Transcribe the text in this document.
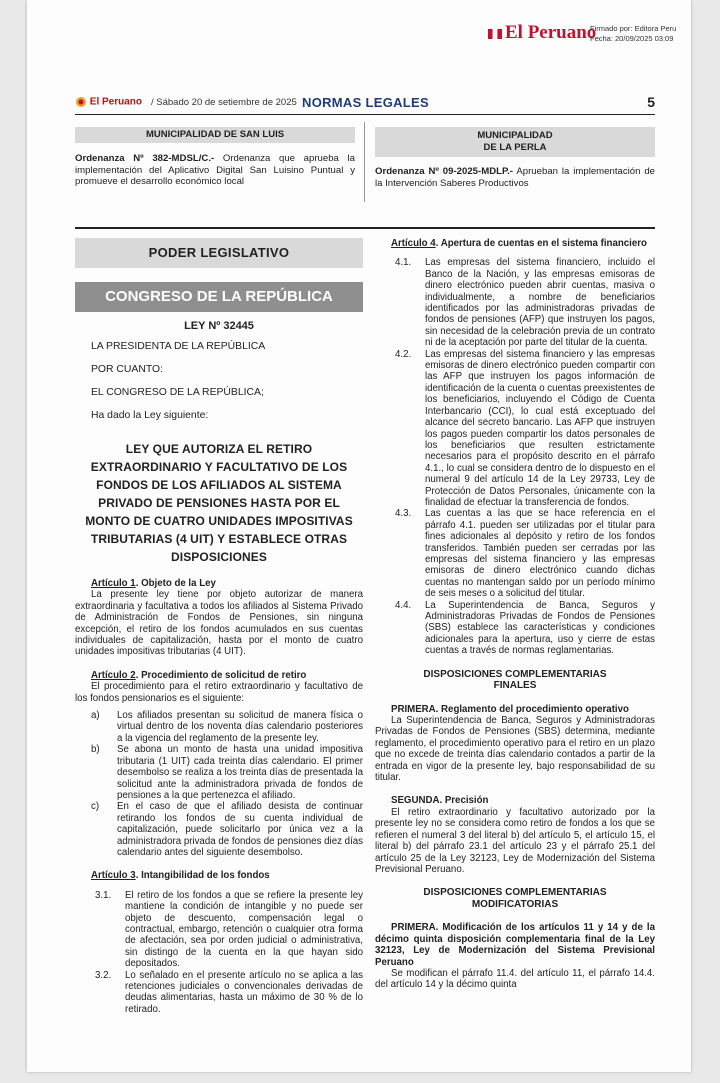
El Peruano
Firmado por: Editora Peru
Fecha: 20/09/2025 03:09
El Peruano / Sábado 20 de setiembre de 2025 NORMAS LEGALES	5
MUNICIPALIDAD DE SAN LUIS
Ordenanza Nº 382-MDSL/C.- Ordenanza que aprueba la implementación del Aplicativo Digital San Luisino Puntual y promueve el desarrollo económico local
MUNICIPALIDAD
DE LA PERLA
Ordenanza Nº 09-2025-MDLP.- Aprueban la implementación de la Intervención Saberes Productivos
PODER LEGISLATIVO
CONGRESO DE LA REPÚBLICA
LEY Nº 32445
LA PRESIDENTA DE LA REPÚBLICA
POR CUANTO:
EL CONGRESO DE LA REPÚBLICA;
Ha dado la Ley siguiente:
LEY QUE AUTORIZA EL RETIRO EXTRAORDINARIO Y FACULTATIVO DE LOS FONDOS DE LOS AFILIADOS AL SISTEMA PRIVADO DE PENSIONES HASTA POR EL MONTO DE CUATRO UNIDADES IMPOSITIVAS TRIBUTARIAS (4 UIT) Y ESTABLECE OTRAS DISPOSICIONES
Artículo 1. Objeto de la Ley

La presente ley tiene por objeto autorizar de manera extraordinaria y facultativa a todos los afiliados al Sistema Privado de Administración de Fondos de Pensiones, sin ninguna excepción, el retiro de los fondos acumulados en sus cuentas individuales de capitalización, hasta por el monto de cuatro unidades impositivas tributarias (4 UIT).

Artículo 2. Procedimiento de solicitud de retiro

El procedimiento para el retiro extraordinario y facultativo de los fondos pensionarios es el siguiente:

a)	Los afiliados presentan su solicitud de manera física o virtual dentro de los noventa días calendario posteriores a la vigencia del reglamento de la presente ley.
b)	Se abona un monto de hasta una unidad impositiva tributaria (1 UIT) cada treinta días calendario. El primer desembolso se realiza a los treinta días de presentada la solicitud ante la administradora privada de fondos de pensiones a la que pertenezca el afiliado.
c)	En el caso de que el afiliado desista de continuar retirando los fondos de su cuenta individual de capitalización, puede solicitarlo por única vez a la administradora privada de fondos de pensiones diez días calendario antes del siguiente desembolso.
Artículo 3. Intangibilidad de los fondos
3.1.	El retiro de los fondos a que se refiere la presente ley mantiene la condición de intangible y no puede ser objeto de descuento, compensación legal o contractual, embargo, retención o cualquier otra forma de afectación, sea por orden judicial o administrativa, sin distingo de la cuenta en la que hayan sido depositados.
3.2.	Lo señalado en el presente artículo no se aplica a las retenciones judiciales o convencionales derivadas de deudas alimentarias, hasta un máximo de 30 % de lo retirado.
Artículo 4. Apertura de cuentas en el sistema financiero
4.1.	Las empresas del sistema financiero, incluido el Banco de la Nación, y las empresas emisoras de dinero electrónico pueden abrir cuentas, masiva o individualmente, a nombre de beneficiarios identificados por las administradoras privadas de fondos de pensiones (AFP) que instruyen los pagos, sin necesidad de la celebración previa de un contrato ni de la aceptación por parte del titular de la cuenta.
4.2.	Las empresas del sistema financiero y las empresas emisoras de dinero electrónico pueden compartir con las AFP que instruyen los pagos información de identificación de la cuenta o cuentas preexistentes de los beneficiarios, incluyendo el Código de Cuenta Interbancario (CCI), lo cual está exceptuado del alcance del secreto bancario. Las AFP que instruyen los pagos pueden compartir los datos personales de los beneficiarios que resulten estrictamente necesarios para el propósito descrito en el párrafo 4.1., lo cual se considera dentro de lo dispuesto en el numeral 9 del artículo 14 de la Ley 29733, Ley de Protección de Datos Personales, únicamente con la finalidad de efectuar la transferencia de fondos.
4.3.	Las cuentas a las que se hace referencia en el párrafo 4.1. pueden ser utilizadas por el titular para fines adicionales al depósito y retiro de los fondos transferidos. También pueden ser cerradas por las empresas del sistema financiero y las empresas emisoras de dinero electrónico cuando dichas cuentas no mantengan saldo por un período mínimo de seis meses o a solicitud del titular.
4.4.	La Superintendencia de Banca, Seguros y Administradoras Privadas de Fondos de Pensiones (SBS) establece las características y condiciones adicionales para la apertura, uso y cierre de estas cuentas a través de normas reglamentarias.
DISPOSICIONES COMPLEMENTARIAS
FINALES
PRIMERA. Reglamento del procedimiento operativo

La Superintendencia de Banca, Seguros y Administradoras Privadas de Fondos de Pensiones (SBS) determina, mediante reglamento, el procedimiento operativo para el retiro en un plazo que no excede de treinta días calendario contados a partir de la entrada en vigor de la presente ley, bajo responsabilidad de su titular.

SEGUNDA. Precisión

El retiro extraordinario y facultativo autorizado por la presente ley no se considera como retiro de fondos a los que se refieren el numeral 3 del literal b) del artículo 5, el artículo 15, el literal b) del párrafo 23.1 del artículo 23 y el párrafo 25.1 del artículo 25 de la Ley 32123, Ley de Modernización del Sistema Previsional Peruano.

DISPOSICIONES COMPLEMENTARIAS
MODIFICATORIAS
PRIMERA. Modificación de los artículos 11 y 14 y de la décimo quinta disposición complementaria final de la Ley 32123, Ley de Modernización del Sistema Previsional Peruano

Se modifican el párrafo 11.4. del artículo 11, el párrafo 14.4. del artículo 14 y la décimo quinta
